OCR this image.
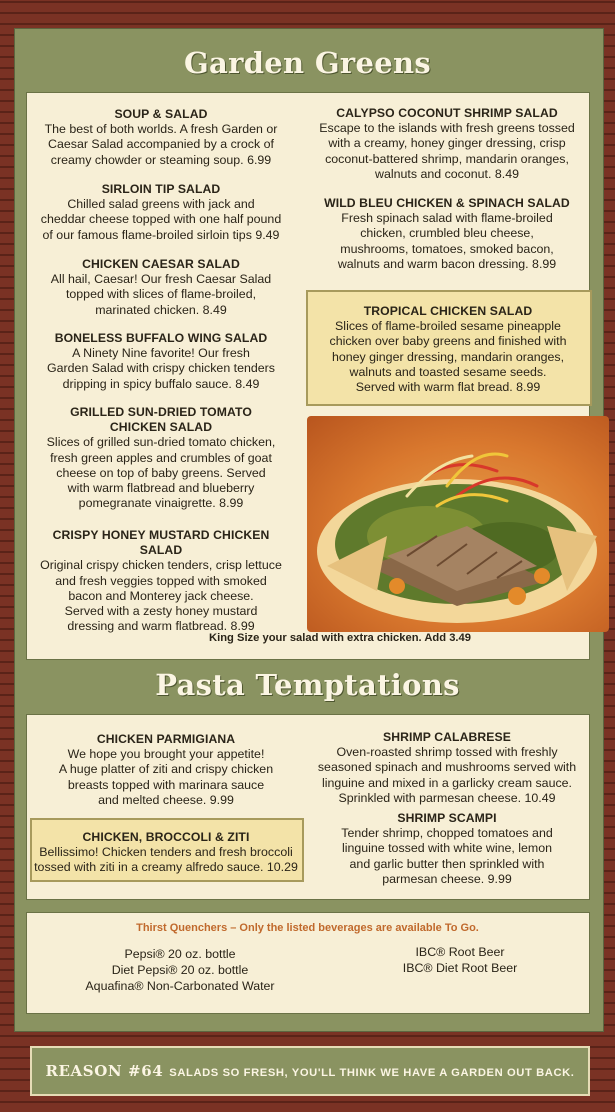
Garden Greens
SOUP & SALAD
The best of both worlds. A fresh Garden or
Caesar Salad accompanied by a crock of
creamy chowder or steaming soup. 6.99
SIRLOIN TIP SALAD
Chilled salad greens with jack and
cheddar cheese topped with one half pound
of our famous flame-broiled sirloin tips 9.49
CHICKEN CAESAR SALAD
All hail, Caesar! Our fresh Caesar Salad
topped with slices of flame-broiled,
marinated chicken. 8.49
BONELESS BUFFALO WING SALAD
A Ninety Nine favorite! Our fresh
Garden Salad with crispy chicken tenders
dripping in spicy buffalo sauce. 8.49
GRILLED SUN-DRIED TOMATO
CHICKEN SALAD
Slices of grilled sun-dried tomato chicken,
fresh green apples and crumbles of goat
cheese on top of baby greens. Served
with warm flatbread and blueberry
pomegranate vinaigrette. 8.99
CRISPY HONEY MUSTARD CHICKEN SALAD
Original crispy chicken tenders, crisp lettuce
and fresh veggies topped with smoked
bacon and Monterey jack cheese.
Served with a zesty honey mustard
dressing and warm flatbread. 8.99
CALYPSO COCONUT SHRIMP SALAD
Escape to the islands with fresh greens tossed
with a creamy, honey ginger dressing, crisp
coconut-battered shrimp, mandarin oranges,
walnuts and coconut. 8.49
WILD BLEU CHICKEN & SPINACH SALAD
Fresh spinach salad with flame-broiled
chicken, crumbled bleu cheese,
mushrooms, tomatoes, smoked bacon,
walnuts and warm bacon dressing. 8.99
TROPICAL CHICKEN SALAD
Slices of flame-broiled sesame pineapple
chicken over baby greens and finished with
honey ginger dressing, mandarin oranges,
walnuts and toasted sesame seeds.
Served with warm flat bread. 8.99
King Size your salad with extra chicken. Add 3.49
Pasta Temptations
CHICKEN PARMIGIANA
We hope you brought your appetite!
A huge platter of ziti and crispy chicken
breasts topped with marinara sauce
and melted cheese. 9.99
CHICKEN, BROCCOLI & ZITI
Bellissimo! Chicken tenders and fresh broccoli
tossed with ziti in a creamy alfredo sauce. 10.29
SHRIMP CALABRESE
Oven-roasted shrimp tossed with freshly
seasoned spinach and mushrooms served with
linguine and mixed in a garlicky cream sauce.
Sprinkled with parmesan cheese. 10.49
SHRIMP SCAMPI
Tender shrimp, chopped tomatoes and
linguine tossed with white wine, lemon
and garlic butter then sprinkled with
parmesan cheese. 9.99
Thirst Quenchers – Only the listed beverages are available To Go.
Pepsi® 20 oz. bottle
Diet Pepsi® 20 oz. bottle
Aquafina® Non-Carbonated Water
IBC® Root Beer
IBC® Diet Root Beer
REASON #64 SALADS SO FRESH, YOU'LL THINK WE HAVE A GARDEN OUT BACK.
